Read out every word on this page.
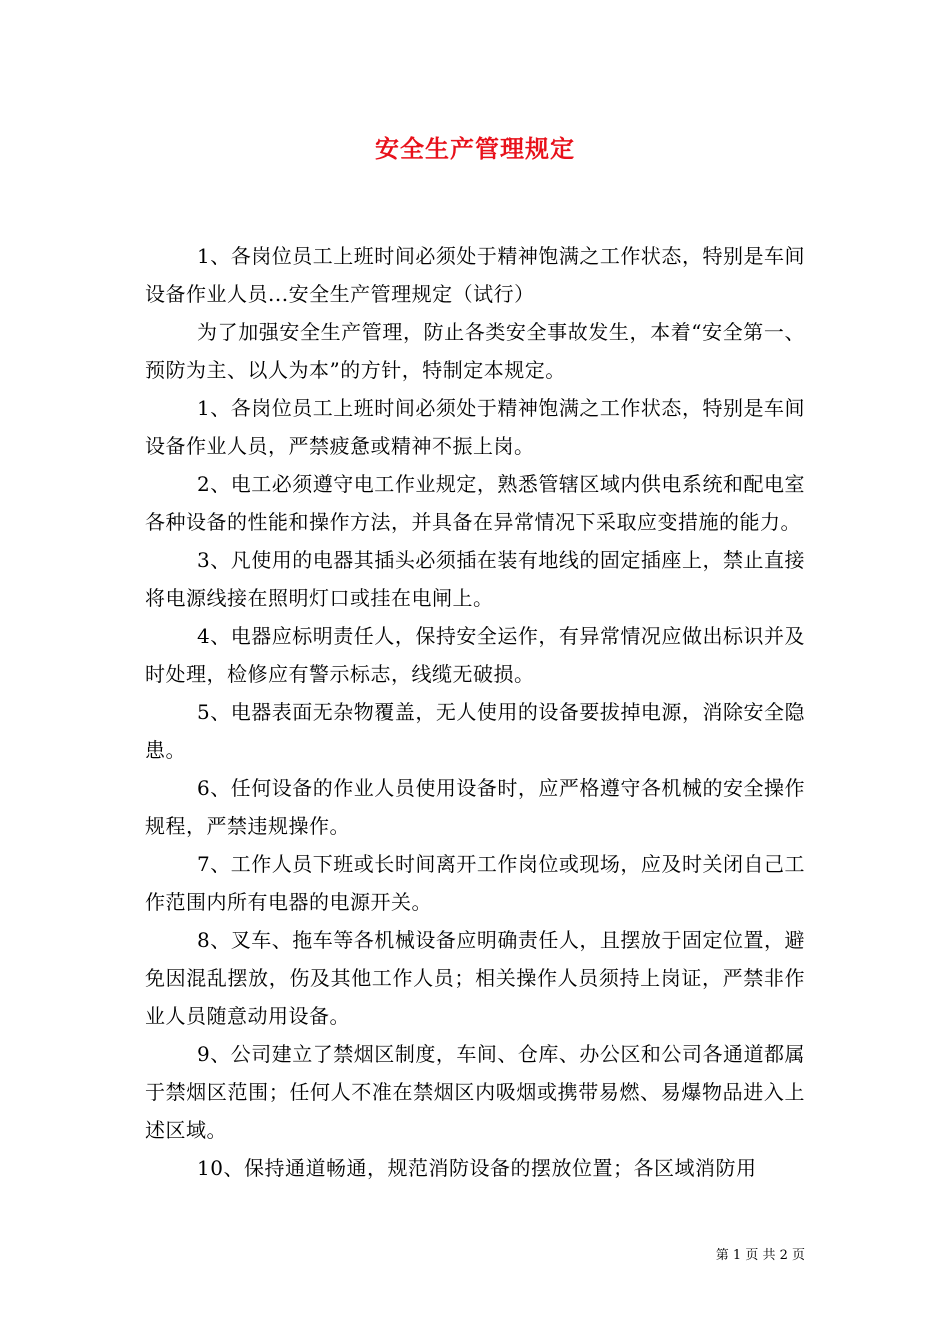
安全生产管理规定

1、各岗位员工上班时间必须处于精神饱满之工作状态，特别是车间设备作业人员...安全生产管理规定（试行）

为了加强安全生产管理，防止各类安全事故发生，本着“安全第一、预防为主、以人为本”的方针，特制定本规定。

1、各岗位员工上班时间必须处于精神饱满之工作状态，特别是车间设备作业人员，严禁疲惫或精神不振上岗。

2、电工必须遵守电工作业规定，熟悉管辖区域内供电系统和配电室各种设备的性能和操作方法，并具备在异常情况下采取应变措施的能力。

3、凡使用的电器其插头必须插在装有地线的固定插座上，禁止直接将电源线接在照明灯口或挂在电闸上。

4、电器应标明责任人，保持安全运作，有异常情况应做出标识并及时处理，检修应有警示标志，线缆无破损。

5、电器表面无杂物覆盖，无人使用的设备要拔掉电源，消除安全隐患。

6、任何设备的作业人员使用设备时，应严格遵守各机械的安全操作规程，严禁违规操作。

7、工作人员下班或长时间离开工作岗位或现场，应及时关闭自己工作范围内所有电器的电源开关。

8、叉车、拖车等各机械设备应明确责任人，且摆放于固定位置，避免因混乱摆放，伤及其他工作人员；相关操作人员须持上岗证，严禁非作业人员随意动用设备。

9、公司建立了禁烟区制度，车间、仓库、办公区和公司各通道都属于禁烟区范围；任何人不准在禁烟区内吸烟或携带易燃、易爆物品进入上述区域。

10、保持通道畅通，规范消防设备的摆放位置；各区域消防用

第 1 页 共 2 页
